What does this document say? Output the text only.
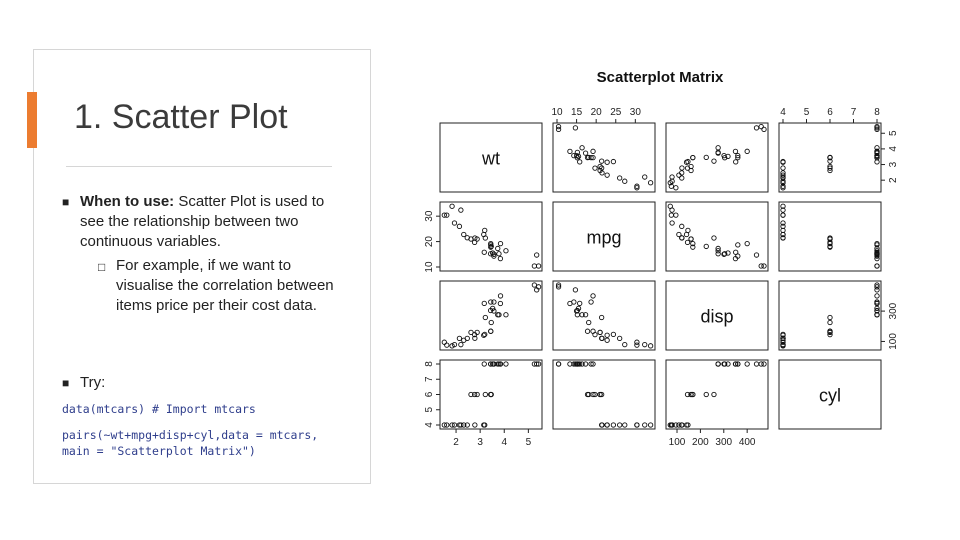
1. Scatter Plot
■ When to use: Scatter Plot is used to see the relationship between two continuous variables.
□ For example, if we want to visualise the correlation between items price per their cost data.
■ Try:
data(mtcars) # Import mtcars
pairs(~wt+mpg+disp+cyl,data = mtcars,
main = "Scatterplot Matrix")
Scatterplot Matrix
wt
mpg
disp
cyl
10 15 20 25 30	4 5 6 7 8
2 3 4 5	100 200 300 400
10
20
30
4
5
6
7
8
2
3
4
5
100
300
